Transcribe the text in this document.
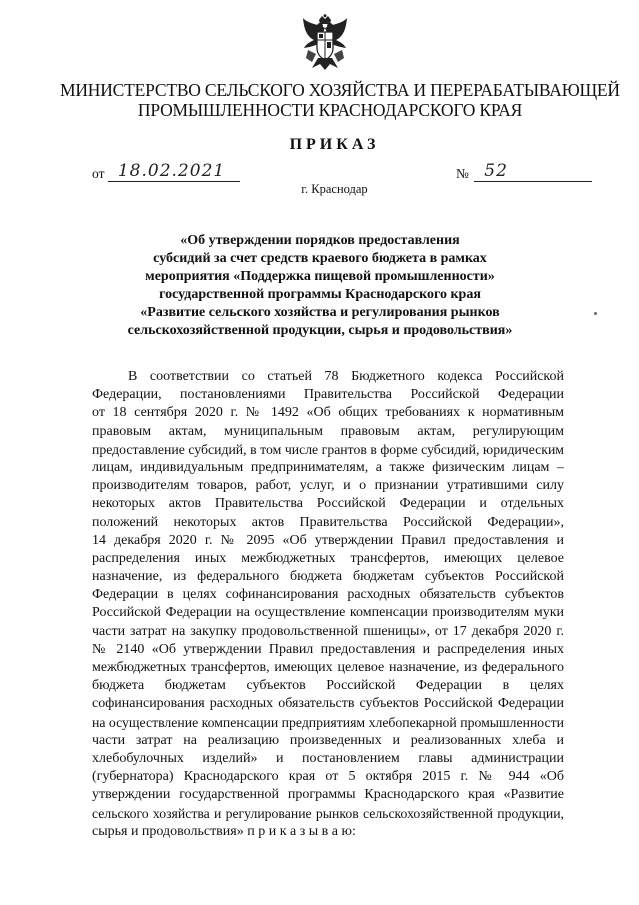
МИНИСТЕРСТВО СЕЛЬСКОГО ХОЗЯЙСТВА И ПЕРЕРАБАТЫВАЮЩЕЙ
ПРОМЫШЛЕННОСТИ КРАСНОДАРСКОГО КРАЯ
ПРИКАЗ
от 18.02.2021	№ 52
г. Краснодар
«Об утверждении порядков предоставления
субсидий за счет средств краевого бюджета в рамках
мероприятия «Поддержка пищевой промышленности»
государственной программы Краснодарского края
«Развитие сельского хозяйства и регулирования рынков
сельскохозяйственной продукции, сырья и продовольствия»
В соответствии со статьей 78 Бюджетного кодекса Российской
Федерации, постановлениями Правительства Российской Федерации
от 18 сентября 2020 г. № 1492 «Об общих требованиях к нормативным
правовым актам, муниципальным правовым актам, регулирующим
предоставление субсидий, в том числе грантов в форме субсидий, юридическим
лицам, индивидуальным предпринимателям, а также физическим лицам –
производителям товаров, работ, услуг, и о признании утратившими силу
некоторых актов Правительства Российской Федерации и отдельных
положений некоторых актов Правительства Российской Федерации»,
14 декабря 2020 г. № 2095 «Об утверждении Правил предоставления и
распределения иных межбюджетных трансфертов, имеющих целевое
назначение, из федерального бюджета бюджетам субъектов Российской
Федерации в целях софинансирования расходных обязательств субъектов
Российской Федерации на осуществление компенсации производителям муки
части затрат на закупку продовольственной пшеницы», от 17 декабря 2020 г.
№ 2140 «Об утверждении Правил предоставления и распределения иных
межбюджетных трансфертов, имеющих целевое назначение, из федерального
бюджета бюджетам субъектов Российской Федерации в целях
софинансирования расходных обязательств субъектов Российской Федерации
на осуществление компенсации предприятиям хлебопекарной промышленности
части затрат на реализацию произведенных и реализованных хлеба и
хлебобулочных изделий» и постановлением главы администрации
(губернатора) Краснодарского края от 5 октября 2015 г. № 944 «Об
утверждении государственной программы Краснодарского края «Развитие
сельского хозяйства и регулирование рынков сельскохозяйственной продукции,
сырья и продовольствия» п р и к а з ы в а ю:
